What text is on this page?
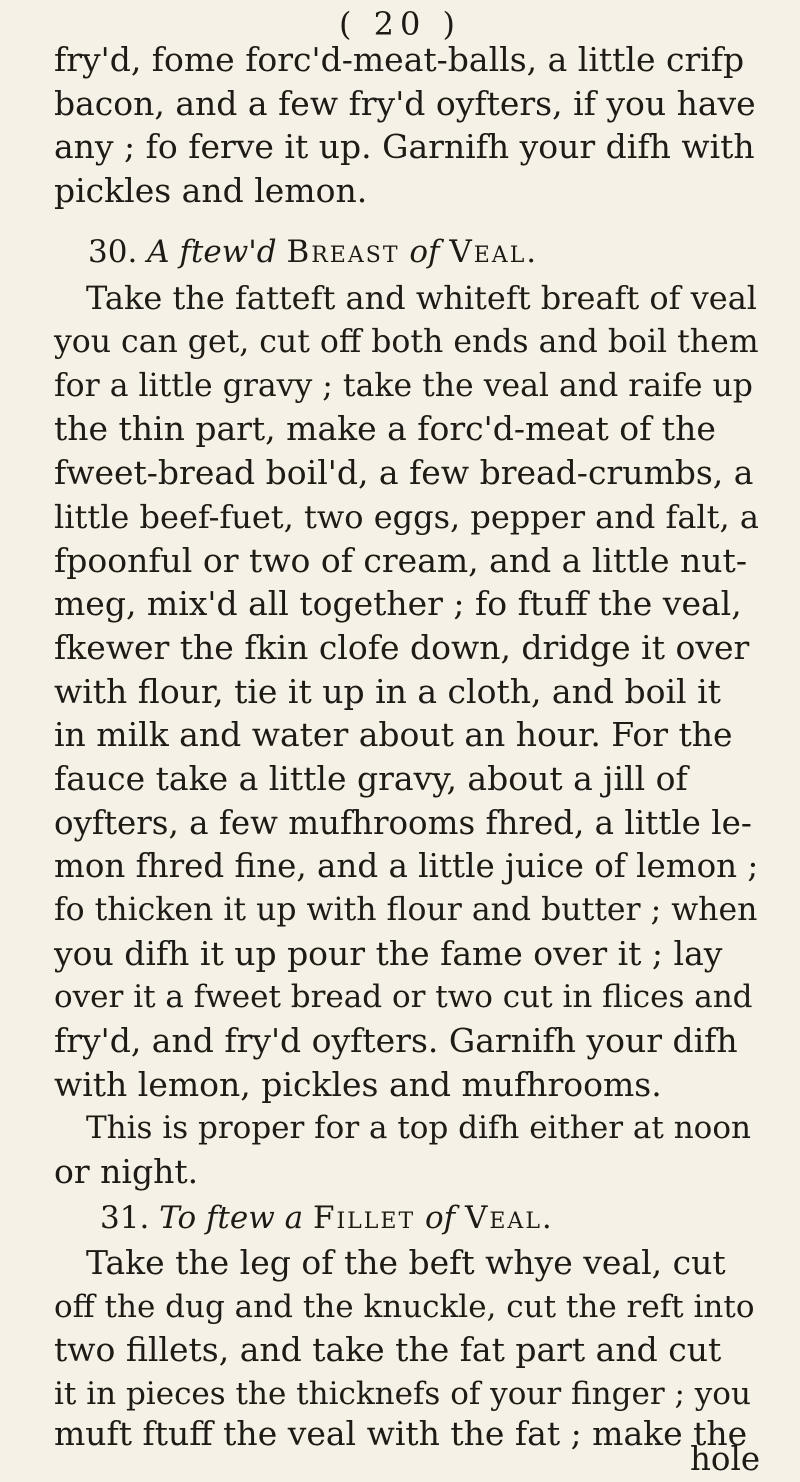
( 20 )
fry'd, fome forc'd-meat-balls, a little crifp
bacon, and a few fry'd oyfters, if you have
any ; fo ferve it up. Garnifh your difh with
pickles and lemon.
30. A ftew'd Breast of Veal.
Take the fatteft and whiteft breaft of veal
you can get, cut off both ends and boil them
for a little gravy ; take the veal and raife up
the thin part, make a forc'd-meat of the
fweet-bread boil'd, a few bread-crumbs, a
little beef-fuet, two eggs, pepper and falt, a
fpoonful or two of cream, and a little nut-
meg, mix'd all together ; fo ftuff the veal,
fkewer the fkin clofe down, dridge it over
with flour, tie it up in a cloth, and boil it
in milk and water about an hour. For the
fauce take a little gravy, about a jill of
oyfters, a few mufhrooms fhred, a little le-
mon fhred fine, and a little juice of lemon ;
fo thicken it up with flour and butter ; when
you difh it up pour the fame over it ; lay
over it a fweet bread or two cut in flices and
fry'd, and fry'd oyfters. Garnifh your difh
with lemon, pickles and mufhrooms.
This is proper for a top difh either at noon
or night.
31. To ftew a Fillet of Veal.
Take the leg of the beft whye veal, cut
off the dug and the knuckle, cut the reft into
two fillets, and take the fat part and cut
it in pieces the thicknefs of your finger ; you
muft ftuff the veal with the fat ; make the
hole
